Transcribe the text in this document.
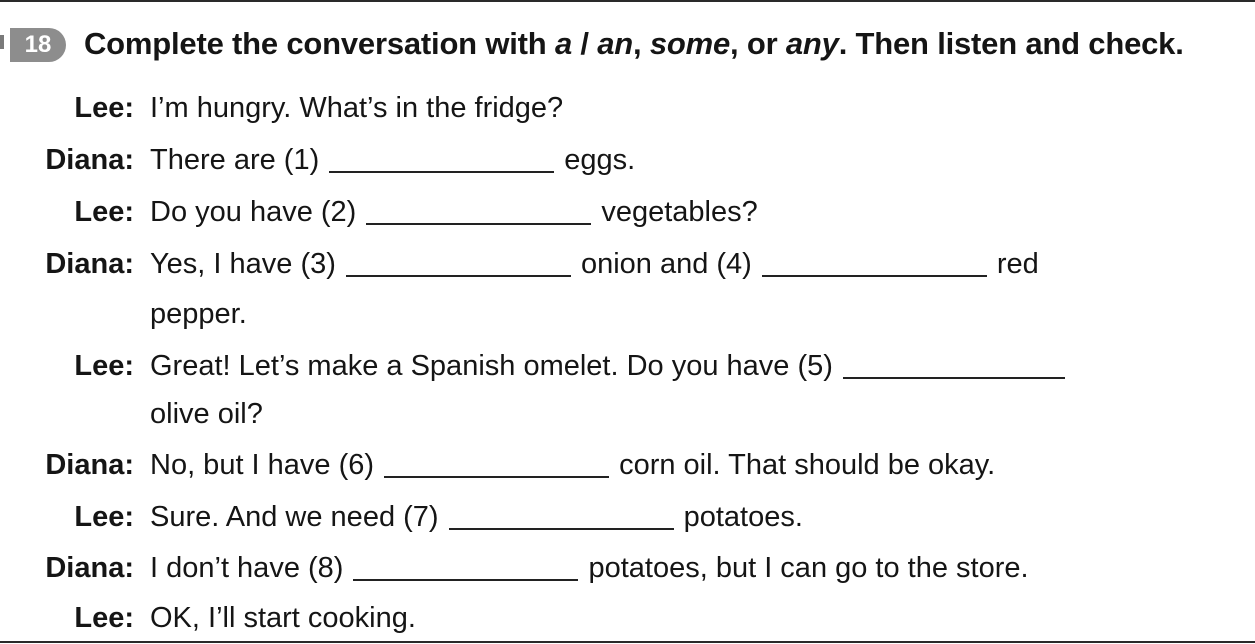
18	Complete the conversation with a / an, some, or any. Then listen and check.
Lee: I’m hungry. What’s in the fridge?
Diana: There are (1)	eggs.
Lee: Do you have (2)	vegetables?
Diana: Yes, I have (3)	onion and (4)	red
pepper.
Lee: Great! Let’s make a Spanish omelet. Do you have (5)
olive oil?
Diana: No, but I have (6)	corn oil. That should be okay.
Lee: Sure. And we need (7)	potatoes.
Diana: I don’t have (8)	potatoes, but I can go to the store.
Lee: OK, I’ll start cooking.
